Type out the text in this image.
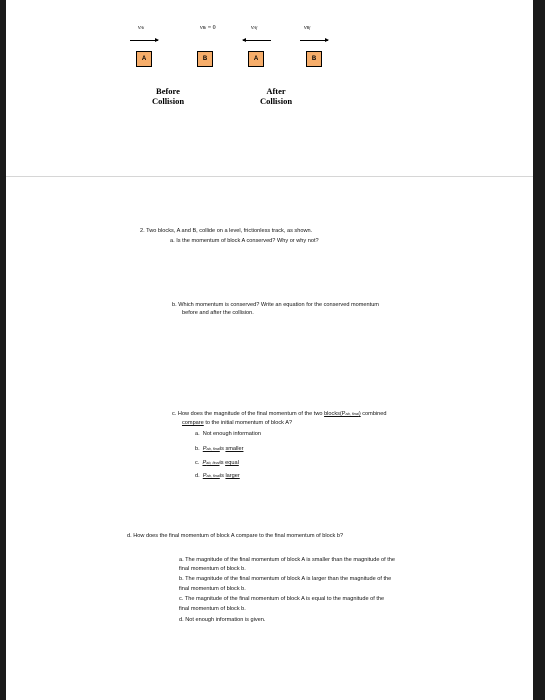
vAi	vBi = 0	vAf	vBf
A	B	A	B
Before
Collision
After
Collision
2. Two blocks, A and B, collide on a level, frictionless track, as shown.
a. Is the momentum of block A conserved? Why or why not?
b. Which momentum is conserved? Write an equation for the conserved momentum
before and after the collision.
c. How does the magnitude of the final momentum of the two blocks(Pab, final) combined
compare to the initial momentum of block A?
a. Not enough information
b. Pab, finalis smaller
c. Pab, finalis equal
d. Pab, finalis larger
d. How does the final momentum of block A compare to the final momentum of block b?
a. The magnitude of the final momentum of block A is smaller than the magnitude of the
final momentum of block b.
b. The magnitude of the final momentum of block A is larger than the magnitude of the
final momentum of block b.
c. The magnitude of the final momentum of block A is equal to the magnitude of the
final momentum of block b.
d. Not enough information is given.
